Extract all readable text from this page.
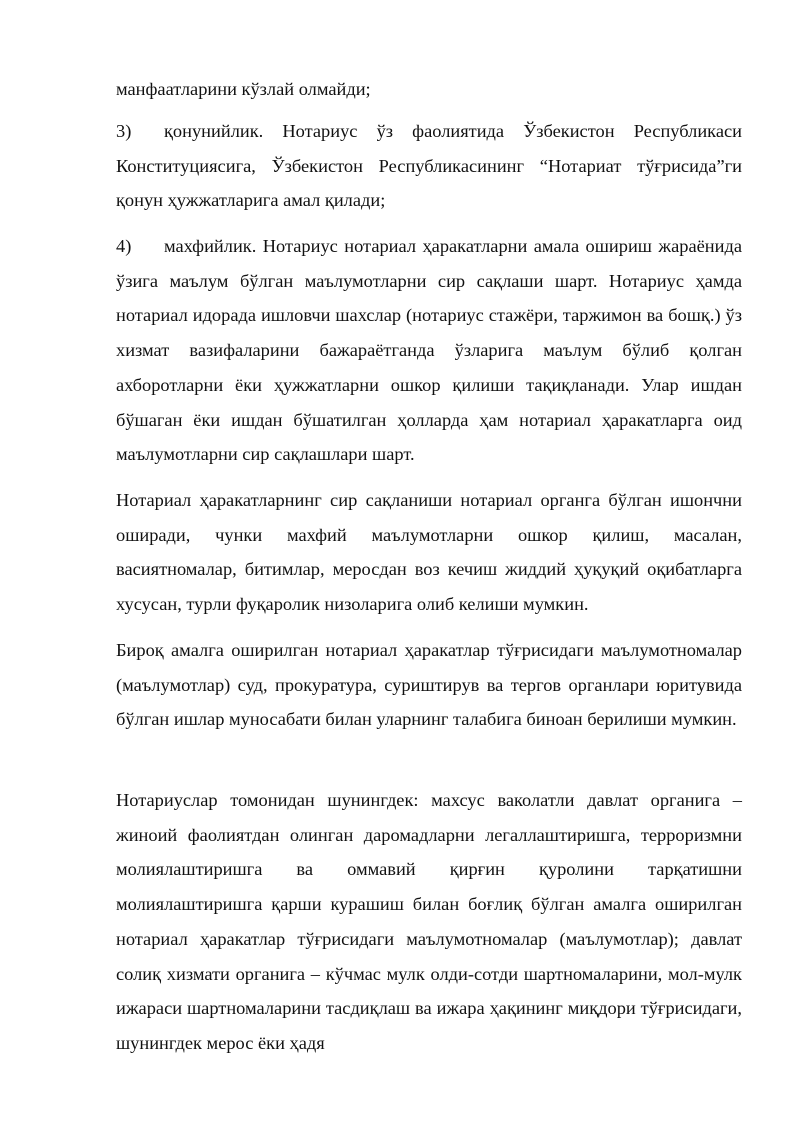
манфаатларини кўзлай олмайди;

3) қонунийлик. Нотариус ўз фаолиятида Ўзбекистон Республикаси Конституциясига, Ўзбекистон Республикасининг “Нотариат тўғрисида”ги қонун ҳужжатларига амал қилади;

4) махфийлик. Нотариус нотариал ҳаракатларни амала ошириш жараёнида ўзига маълум бўлган маълумотларни сир сақлаши шарт. Нотариус ҳамда нотариал идорада ишловчи шахслар (нотариус стажёри, таржимон ва бошқ.) ўз хизмат вазифаларини бажараётганда ўзларига маълум бўлиб қолган ахборотларни ёки ҳужжатларни ошкор қилиши тақиқланади. Улар ишдан бўшаган ёки ишдан бўшатилган ҳолларда ҳам нотариал ҳаракатларга оид маълумотларни сир сақлашлари шарт.

Нотариал ҳаракатларнинг сир сақланиши нотариал органга бўлган ишончни оширади, чунки махфий маълумотларни ошкор қилиш, масалан, васиятномалар, битимлар, меросдан воз кечиш жиддий ҳуқуқий оқибатларга хусусан, турли фуқаролик низоларига олиб келиши мумкин.

Бироқ амалга оширилган нотариал ҳаракатлар тўғрисидаги маълумотномалар (маълумотлар) суд, прокуратура, суриштирув ва тергов органлари юритувида бўлган ишлар муносабати билан уларнинг талабига биноан берилиши мумкин.

Нотариуслар томонидан шунингдек: махсус ваколатли давлат органига – жиноий фаолиятдан олинган даромадларни легаллаштиришга, терроризмни молиялаштиришга ва оммавий қирғин қуролини тарқатишни молиялаштиришга қарши курашиш билан боғлиқ бўлган амалга оширилган нотариал ҳаракатлар тўғрисидаги маълумотномалар (маълумотлар); давлат солиқ хизмати органига – кўчмас мулк олди-сотди шартномаларини, мол-мулк ижараси шартномаларини тасдиқлаш ва ижара ҳақининг миқдори тўғрисидаги, шунингдек мерос ёки ҳадя
